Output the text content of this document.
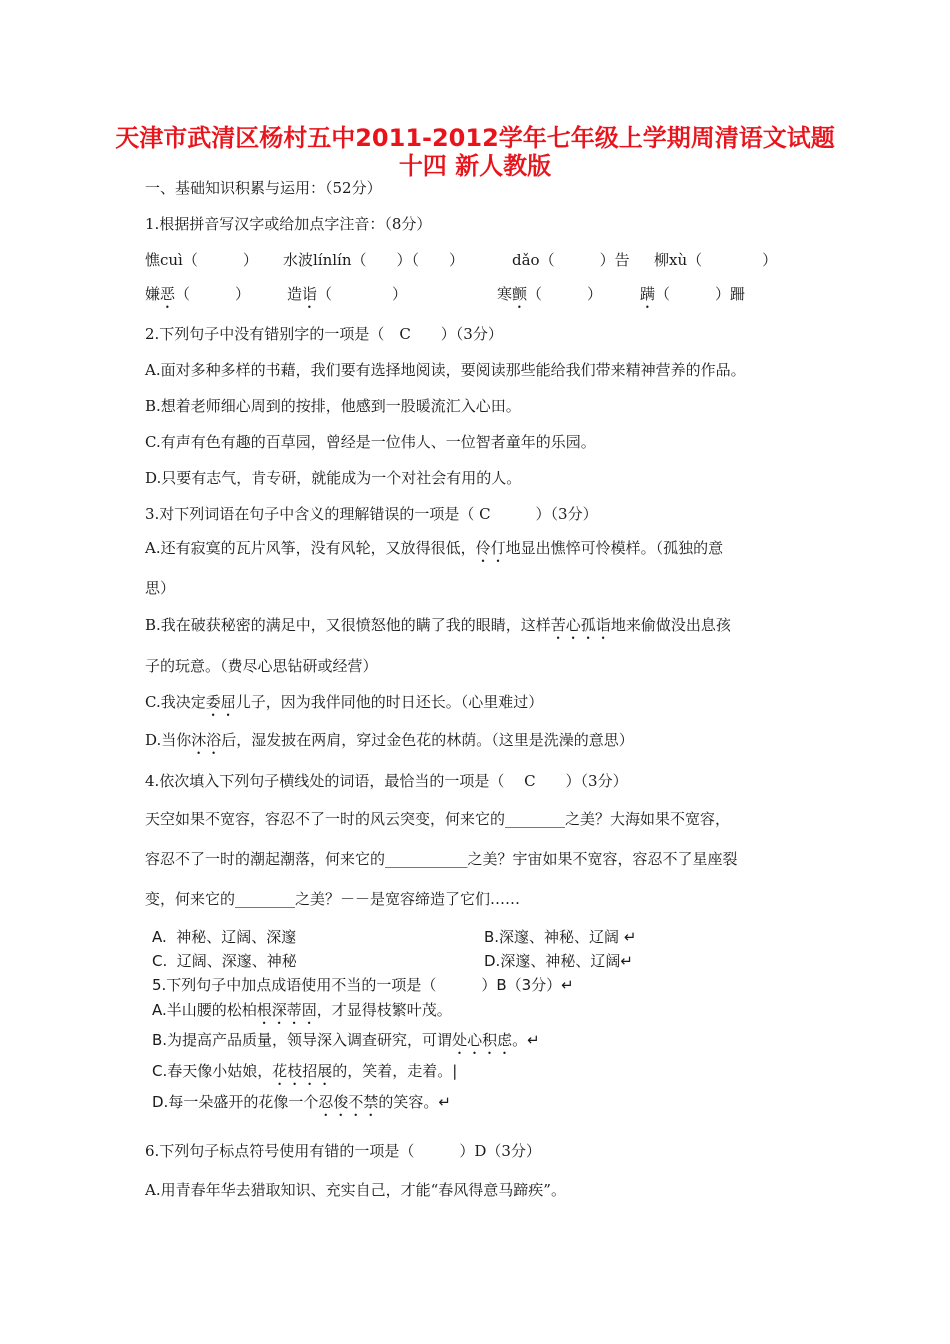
天津市武清区杨村五中2011-2012学年七年级上学期周清语文试题
十四 新人教版
一、基础知识积累与运用：（52分）
1.根据拼音写汉字或给加点字注音：（8分）
憔cuì（　　　） 水波línlín（　　）（　　）	dǎo（　　　）告 柳xù（　　　　）
嫌恶（　　　） 造诣（　　　　）	寒颤（　　　）	蹒（　　　）跚
2.下列句子中没有错别字的一项是（　C　　）（3分）
A.面对多种多样的书藉，我们要有选择地阅读，要阅读那些能给我们带来精神营养的作品。
B.想着老师细心周到的按排，他感到一股暖流汇入心田。
C.有声有色有趣的百草园，曾经是一位伟人、一位智者童年的乐园。
D.只要有志气，肯专研，就能成为一个对社会有用的人。
3.对下列词语在句子中含义的理解错误的一项是（ C　　　）（3分）
A.还有寂寞的瓦片风筝，没有风轮，又放得很低，伶仃地显出憔悴可怜模样。（孤独的意
思）
B.我在破获秘密的满足中，又很愤怒他的瞒了我的眼睛，这样苦心孤诣地来偷做没出息孩
子的玩意。（费尽心思钻研或经营）
C.我决定委屈儿子，因为我伴同他的时日还长。（心里难过）
D.当你沐浴后，湿发披在两肩，穿过金色花的林荫。（这里是洗澡的意思）
4.依次填入下列句子横线处的词语，最恰当的一项是（　 C　　）（3分）
天空如果不宽容，容忍不了一时的风云突变，何来它的________之美？大海如果不宽容，
容忍不了一时的潮起潮落，何来它的___________之美？宇宙如果不宽容，容忍不了星座裂
变，何来它的________之美？－－是宽容缔造了它们……
A.  神秘、辽阔、深邃	B.深邃、神秘、辽阔 ↵
C.  辽阔、深邃、神秘	D.深邃、神秘、辽阔↵
5.下列句子中加点成语使用不当的一项是（　　　）B（3分）↵
A.半山腰的松柏根深蒂固，才显得枝繁叶茂。
B.为提高产品质量，领导深入调查研究，可谓处心积虑。↵
C.春天像小姑娘，花枝招展的，笑着，走着。|
D.每一朵盛开的花像一个忍俊不禁的笑容。↵
6.下列句子标点符号使用有错的一项是（　　　）D（3分）
A.用青春年华去猎取知识、充实自己，才能“春风得意马蹄疾”。
